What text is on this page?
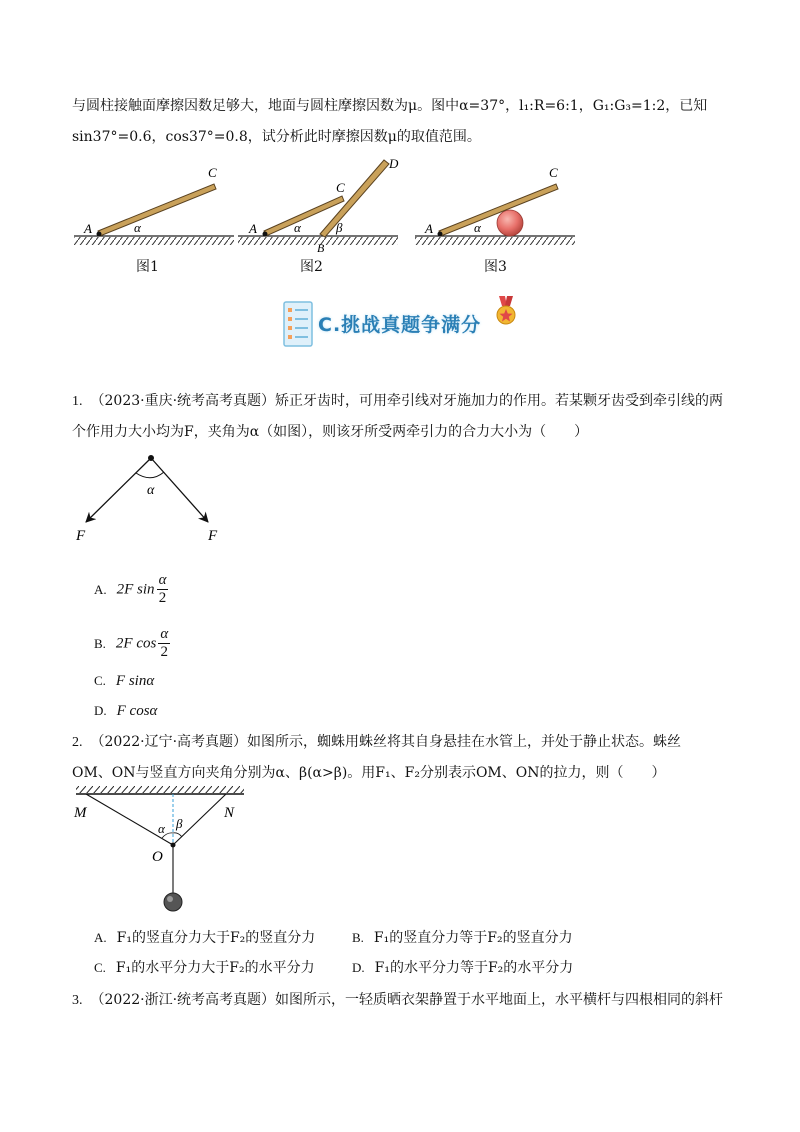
与圆柱接触面摩擦因数足够大，地面与圆柱摩擦因数为μ。图中α=37°，l₁:R=6:1，G₁:G₃=1:2，已知
sin37°=0.6，cos37°=0.8，试分析此时摩擦因数μ的取值范围。
A
C
α	A
C
D
B
α	β	A
C
α
图1	图2	图3
C.挑战真题争满分
1. （2023·重庆·统考高考真题）矫正牙齿时，可用牵引线对牙施加力的作用。若某颗牙齿受到牵引线的两
个作用力大小均为F，夹角为α（如图），则该牙所受两牵引力的合力大小为（　　）
α
F	F
A. 2F $\sin \frac{\alpha}{2}$
B. 2F $\cos \frac{\alpha}{2}$
C. F sinα
D. F cosα
2. （2022·辽宁·高考真题）如图所示，蜘蛛用蛛丝将其自身悬挂在水管上，并处于静止状态。蛛丝
OM、ON与竖直方向夹角分别为α、β(α>β)。用F₁、F₂分别表示OM、ON的拉力，则（　　）
M	N
O
α β
A. F₁的竖直分力大于F₂的竖直分力	B. F₁的竖直分力等于F₂的竖直分力
C. F₁的水平分力大于F₂的水平分力	D. F₁的水平分力等于F₂的水平分力
3. （2022·浙江·统考高考真题）如图所示，一轻质晒衣架静置于水平地面上，水平横杆与四根相同的斜杆
